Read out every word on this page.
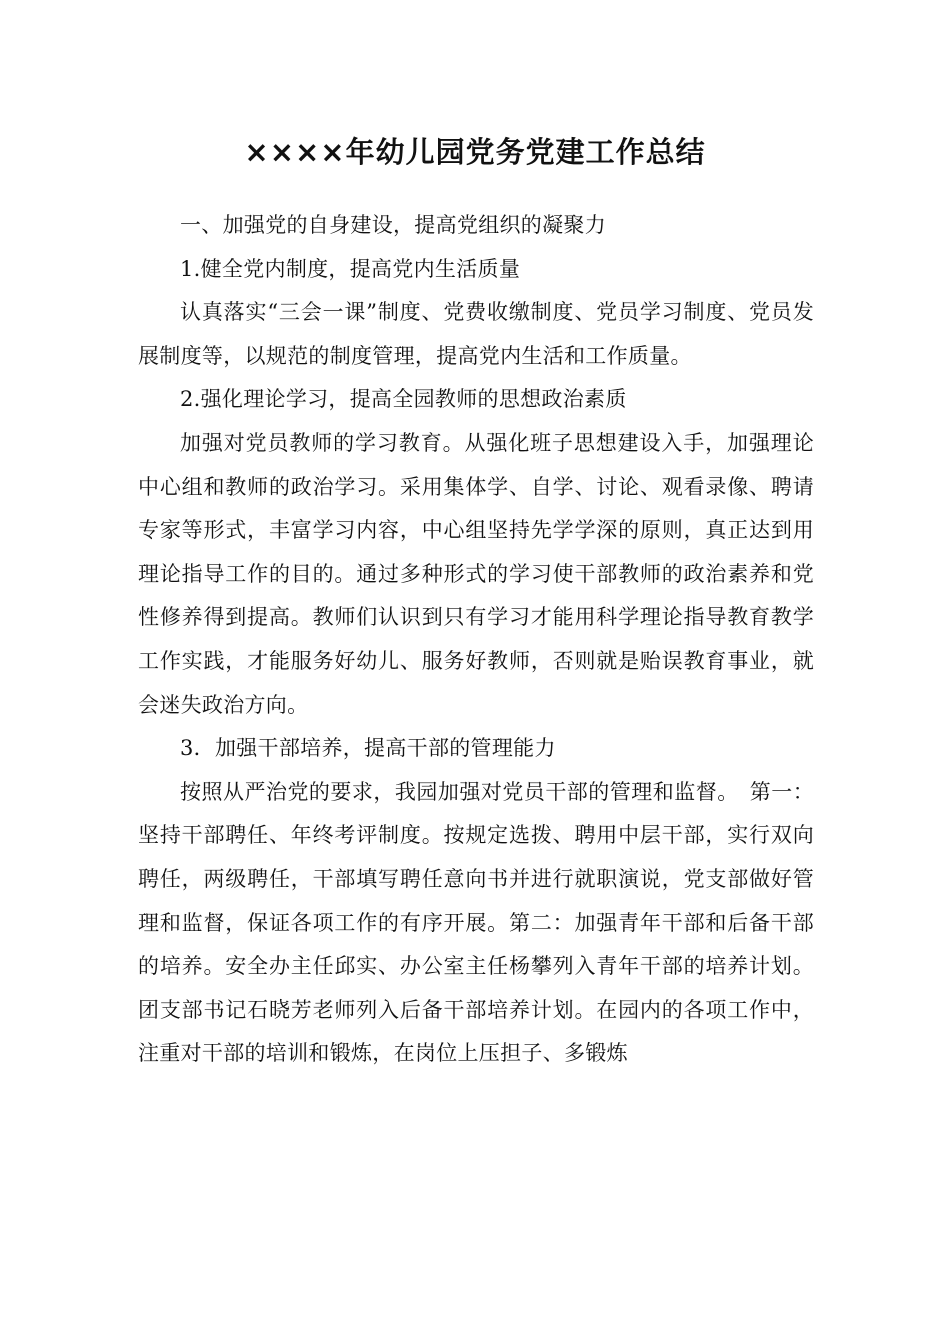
××××年幼儿园党务党建工作总结

一、加强党的自身建设，提高党组织的凝聚力

1.健全党内制度，提高党内生活质量

认真落实“三会一课”制度、党费收缴制度、党员学习制度、党员发展制度等，以规范的制度管理，提高党内生活和工作质量。

2.强化理论学习，提高全园教师的思想政治素质

加强对党员教师的学习教育。从强化班子思想建设入手，加强理论中心组和教师的政治学习。采用集体学、自学、讨论、观看录像、聘请专家等形式，丰富学习内容，中心组坚持先学学深的原则，真正达到用理论指导工作的目的。通过多种形式的学习使干部教师的政治素养和党性修养得到提高。教师们认识到只有学习才能用科学理论指导教育教学工作实践，才能服务好幼儿、服务好教师，否则就是贻误教育事业，就会迷失政治方向。

3．加强干部培养，提高干部的管理能力

按照从严治党的要求，我园加强对党员干部的管理和监督。　第一：坚持干部聘任、年终考评制度。按规定选拨、聘用中层干部，实行双向聘任，两级聘任，干部填写聘任意向书并进行就职演说，党支部做好管理和监督，保证各项工作的有序开展。第二：加强青年干部和后备干部的培养。安全办主任邱实、办公室主任杨攀列入青年干部的培养计划。团支部书记石晓芳老师列入后备干部培养计划。在园内的各项工作中，注重对干部的培训和锻炼，在岗位上压担子、多锻炼
